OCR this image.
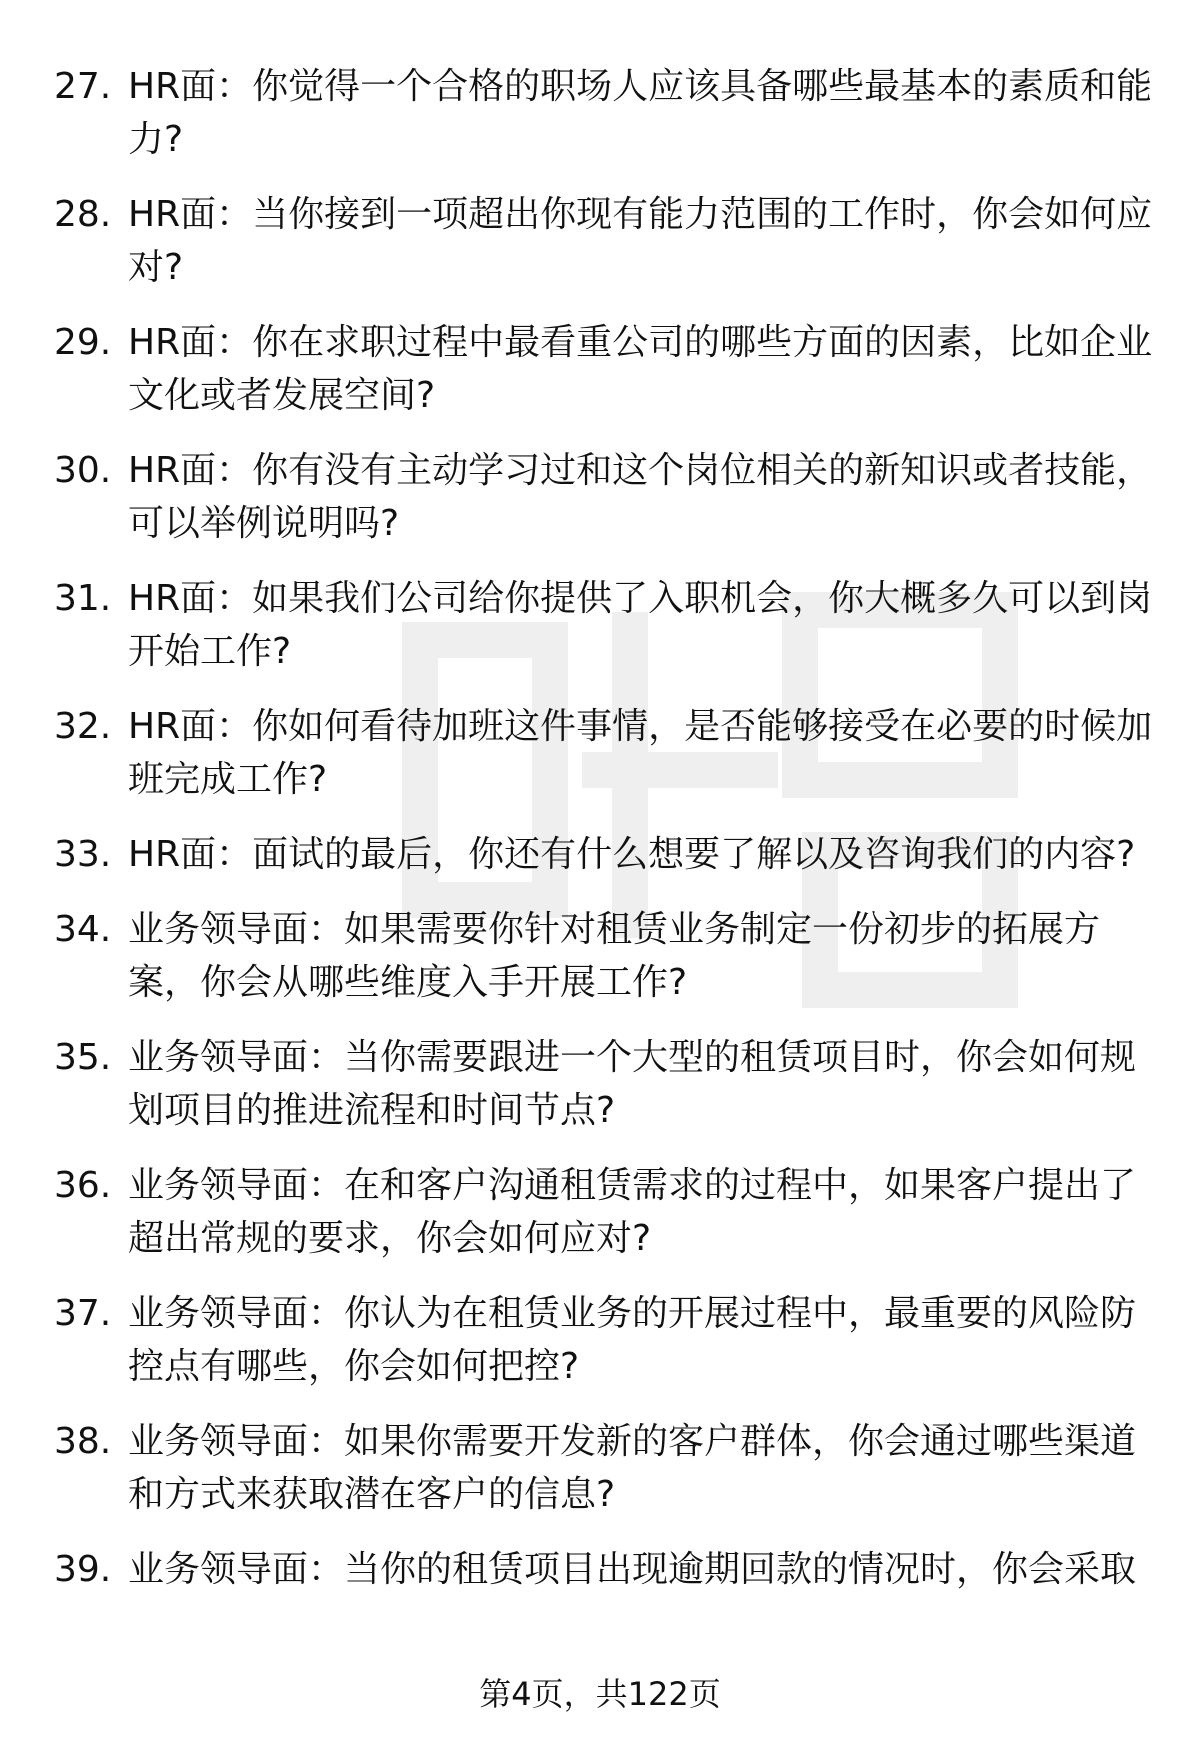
27. HR面：你觉得一个合格的职场人应该具备哪些最基本的素质和能力?
28. HR面：当你接到一项超出你现有能力范围的工作时，你会如何应对?
29. HR面：你在求职过程中最看重公司的哪些方面的因素，比如企业文化或者发展空间?
30. HR面：你有没有主动学习过和这个岗位相关的新知识或者技能，可以举例说明吗?
31. HR面：如果我们公司给你提供了入职机会，你大概多久可以到岗开始工作?
32. HR面：你如何看待加班这件事情，是否能够接受在必要的时候加班完成工作?
33. HR面：面试的最后，你还有什么想要了解以及咨询我们的内容?
34. 业务领导面：如果需要你针对租赁业务制定一份初步的拓展方案，你会从哪些维度入手开展工作?
35. 业务领导面：当你需要跟进一个大型的租赁项目时，你会如何规划项目的推进流程和时间节点?
36. 业务领导面：在和客户沟通租赁需求的过程中，如果客户提出了超出常规的要求，你会如何应对?
37. 业务领导面：你认为在租赁业务的开展过程中，最重要的风险防控点有哪些，你会如何把控?
38. 业务领导面：如果你需要开发新的客户群体，你会通过哪些渠道和方式来获取潜在客户的信息?
39. 业务领导面：当你的租赁项目出现逾期回款的情况时，你会采取
第4页，共122页
